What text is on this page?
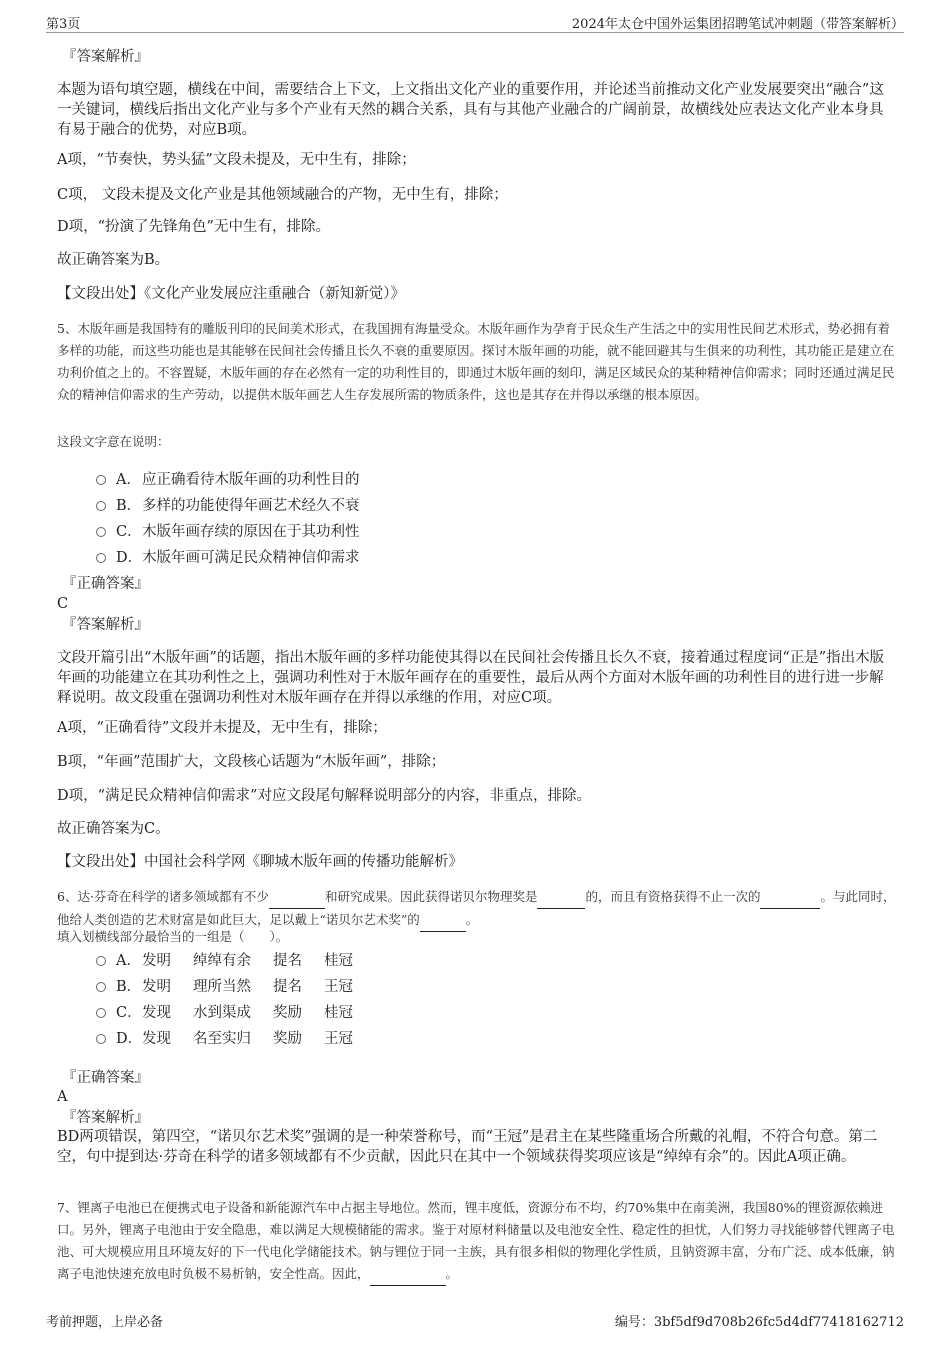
第3页	2024年太仓中国外运集团招聘笔试冲刺题（带答案解析）
『答案解析』
本题为语句填空题，横线在中间，需要结合上下文，上文指出文化产业的重要作用，并论述当前推动文化产业发展要突出“融合”这一关键词，横线后指出文化产业与多个产业有天然的耦合关系，具有与其他产业融合的广阔前景，故横线处应表达文化产业本身具有易于融合的优势，对应B项。
A项，“节奏快，势头猛”文段未提及，无中生有，排除；
C项， 文段未提及文化产业是其他领域融合的产物，无中生有，排除；
D项，“扮演了先锋角色”无中生有，排除。
故正确答案为B。
【文段出处】《文化产业发展应注重融合（新知新觉）》
5、木版年画是我国特有的雕版刊印的民间美术形式，在我国拥有海量受众。木版年画作为孕育于民众生产生活之中的实用性民间艺术形式，势必拥有着多样的功能，而这些功能也是其能够在民间社会传播且长久不衰的重要原因。探讨木版年画的功能，就不能回避其与生俱来的功利性，其功能正是建立在功利价值之上的。不容置疑，木版年画的存在必然有一定的功利性目的，即通过木版年画的刻印，满足区域民众的某种精神信仰需求；同时还通过满足民众的精神信仰需求的生产劳动，以提供木版年画艺人生存发展所需的物质条件，这也是其存在并得以承继的根本原因。
这段文字意在说明：
A． 应正确看待木版年画的功利性目的
B． 多样的功能使得年画艺术经久不衰
C． 木版年画存续的原因在于其功利性
D． 木版年画可满足民众精神信仰需求
『正确答案』
C
『答案解析』
文段开篇引出“木版年画”的话题，指出木版年画的多样功能使其得以在民间社会传播且长久不衰，接着通过程度词“正是”指出木版年画的功能建立在其功利性之上，强调功利性对于木版年画存在的重要性，最后从两个方面对木版年画的功利性目的进行进一步解释说明。故文段重在强调功利性对木版年画存在并得以承继的作用，对应C项。
A项，“正确看待”文段并未提及，无中生有，排除；
B项，“年画”范围扩大，文段核心话题为“木版年画”，排除；
D项，“满足民众精神信仰需求”对应文段尾句解释说明部分的内容，非重点，排除。
故正确答案为C。
【文段出处】中国社会科学网《聊城木版年画的传播功能解析》
6、达·芬奇在科学的诸多领域都有不少	和研究成果。因此获得诺贝尔物理奖是	的，而且有资格获得不止一次的	。与此同时，他给人类创造的艺术财富是如此巨大，足以戴上“诺贝尔艺术奖”的	。
填入划横线部分最恰当的一组是（　　）。
A． 发明 绰绰有余 提名 桂冠
B． 发明 理所当然 提名 王冠
C． 发现 水到渠成 奖励 桂冠
D． 发现 名至实归 奖励 王冠
『正确答案』
A
『答案解析』
BD两项错误，第四空，“诺贝尔艺术奖”强调的是一种荣誉称号，而“王冠”是君主在某些隆重场合所戴的礼帽，不符合句意。第二空，句中提到达·芬奇在科学的诸多领域都有不少贡献，因此只在其中一个领域获得奖项应该是“绰绰有余”的。因此A项正确。
7、锂离子电池已在便携式电子设备和新能源汽车中占据主导地位。然而，锂丰度低，资源分布不均，约70%集中在南美洲，我国80%的锂资源依赖进口。另外，锂离子电池由于安全隐患，难以满足大规模储能的需求。鉴于对原材料储量以及电池安全性、稳定性的担忧，人们努力寻找能够替代锂离子电池、可大规模应用且环境友好的下一代电化学储能技术。钠与锂位于同一主族，具有很多相似的物理化学性质，且钠资源丰富，分布广泛、成本低廉，钠离子电池快速充放电时负极不易析钠，安全性高。因此，	。
考前押题，上岸必备	编号：3bf5df9d708b26fc5d4df77418162712
